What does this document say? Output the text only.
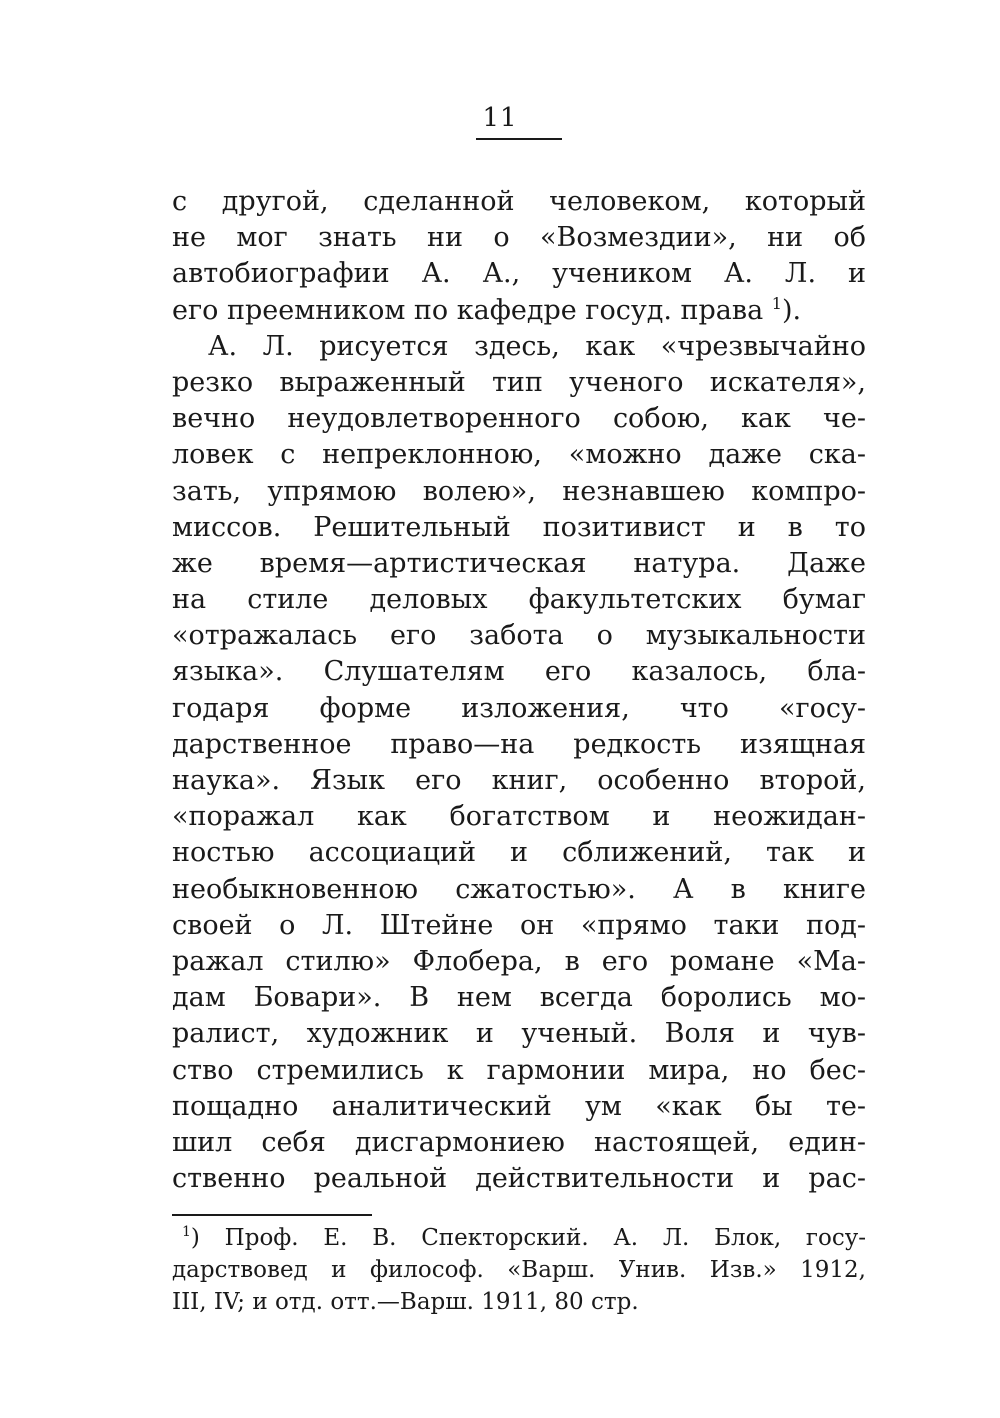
11
с другой, сделанной человеком, который
не мог знать ни о «Возмездии», ни об
автобиографии А. А., учеником А. Л. и
его преемником по кафедре госуд. права $^1$).
А. Л. рисуется здесь, как «чрезвычайно
резко выраженный тип ученого искателя»,
вечно неудовлетворенного собою, как че-
ловек с непреклонною, «можно даже ска-
зать, упрямою волею», незнавшею компро-
миссов. Решительный позитивист и в то
же время—артистическая натура. Даже
на стиле деловых факультетских бумаг
«отражалась его забота о музыкальности
языка». Слушателям его казалось, бла-
годаря форме изложения, что «госу-
дарственное право—на редкость изящная
наука». Язык его книг, особенно второй,
«поражал как богатством и неожидан-
ностью ассоциаций и сближений, так и
необыкновенною сжатостью». А в книге
своей о Л. Штейне он «прямо таки под-
ражал стилю» Флобера, в его романе «Ма-
дам Бовари». В нем всегда боролись мо-
ралист, художник и ученый. Воля и чув-
ство стремились к гармонии мира, но бес-
пощадно аналитический ум «как бы те-
шил себя дисгармониею настоящей, един-
ственно реальной действительности и рас-
$^1$) Проф. Е. В. Спекторский. А. Л. Блок, госу-
дарствовед и философ. «Варш. Унив. Изв.» 1912,
III, IV; и отд. отт.—Варш. 1911, 80 стр.
